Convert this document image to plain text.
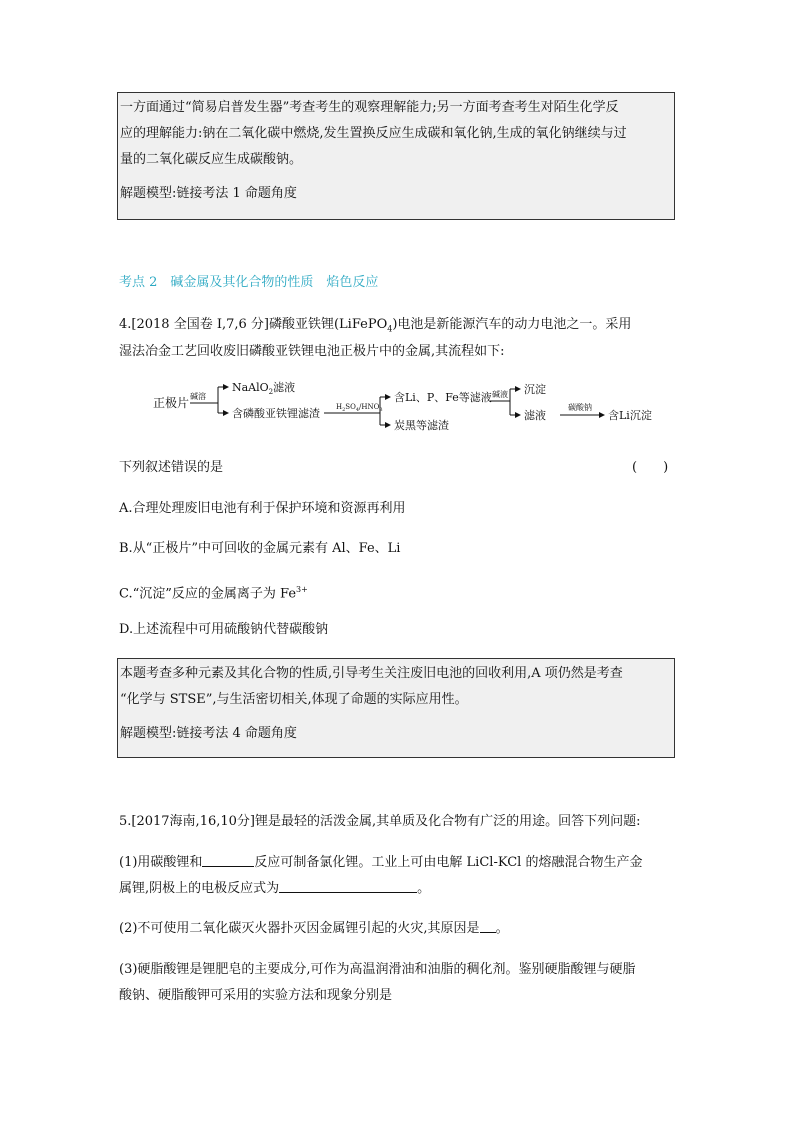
一方面通过“简易启普发生器”考查考生的观察理解能力;另一方面考查考生对陌生化学反

应的理解能力:钠在二氧化碳中燃烧,发生置换反应生成碳和氧化钠,生成的氧化钠继续与过

量的二氧化碳反应生成碳酸钠。

解题模型:链接考法 1 命题角度

考点 2　碱金属及其化合物的性质　焰色反应
4.[2018 全国卷 Ⅰ,7,6 分]磷酸亚铁锂(LiFePO$_4$)电池是新能源汽车的动力电池之一。采用
湿法冶金工艺回收废旧磷酸亚铁锂电池正极片中的金属,其流程如下:
正极片 碱溶
NaAlO$_2$滤液
含磷酸亚铁锂滤渣 $H_2SO_4/HNO_3$
含Li、P、Fe等滤液
炭黑等滤渣
碱液 沉淀
滤液
碳酸钠
含Li沉淀
下列叙述错误的是	(　　)
A.合理处理废旧电池有利于保护环境和资源再利用
B.从“正极片”中可回收的金属元素有 Al、Fe、Li
C.“沉淀”反应的金属离子为 $Fe^{3+}$
D.上述流程中可用硫酸钠代替碳酸钠

本题考查多种元素及其化合物的性质,引导考生关注废旧电池的回收利用,A 项仍然是考查

“化学与 STSE”,与生活密切相关,体现了命题的实际应用性。

解题模型:链接考法 4 命题角度

5.[2017海南,16,10分]锂是最轻的活泼金属,其单质及化合物有广泛的用途。回答下列问题:
(1)用碳酸锂和	反应可制备氯化锂。工业上可由电解 LiCl-KCl 的熔融混合物生产金
属锂,阴极上的电极反应式为	。
(2)不可使用二氧化碳灭火器扑灭因金属锂引起的火灾,其原因是 。
(3)硬脂酸锂是锂肥皂的主要成分,可作为高温润滑油和油脂的稠化剂。鉴别硬脂酸锂与硬脂
酸钠、硬脂酸钾可采用的实验方法和现象分别是
